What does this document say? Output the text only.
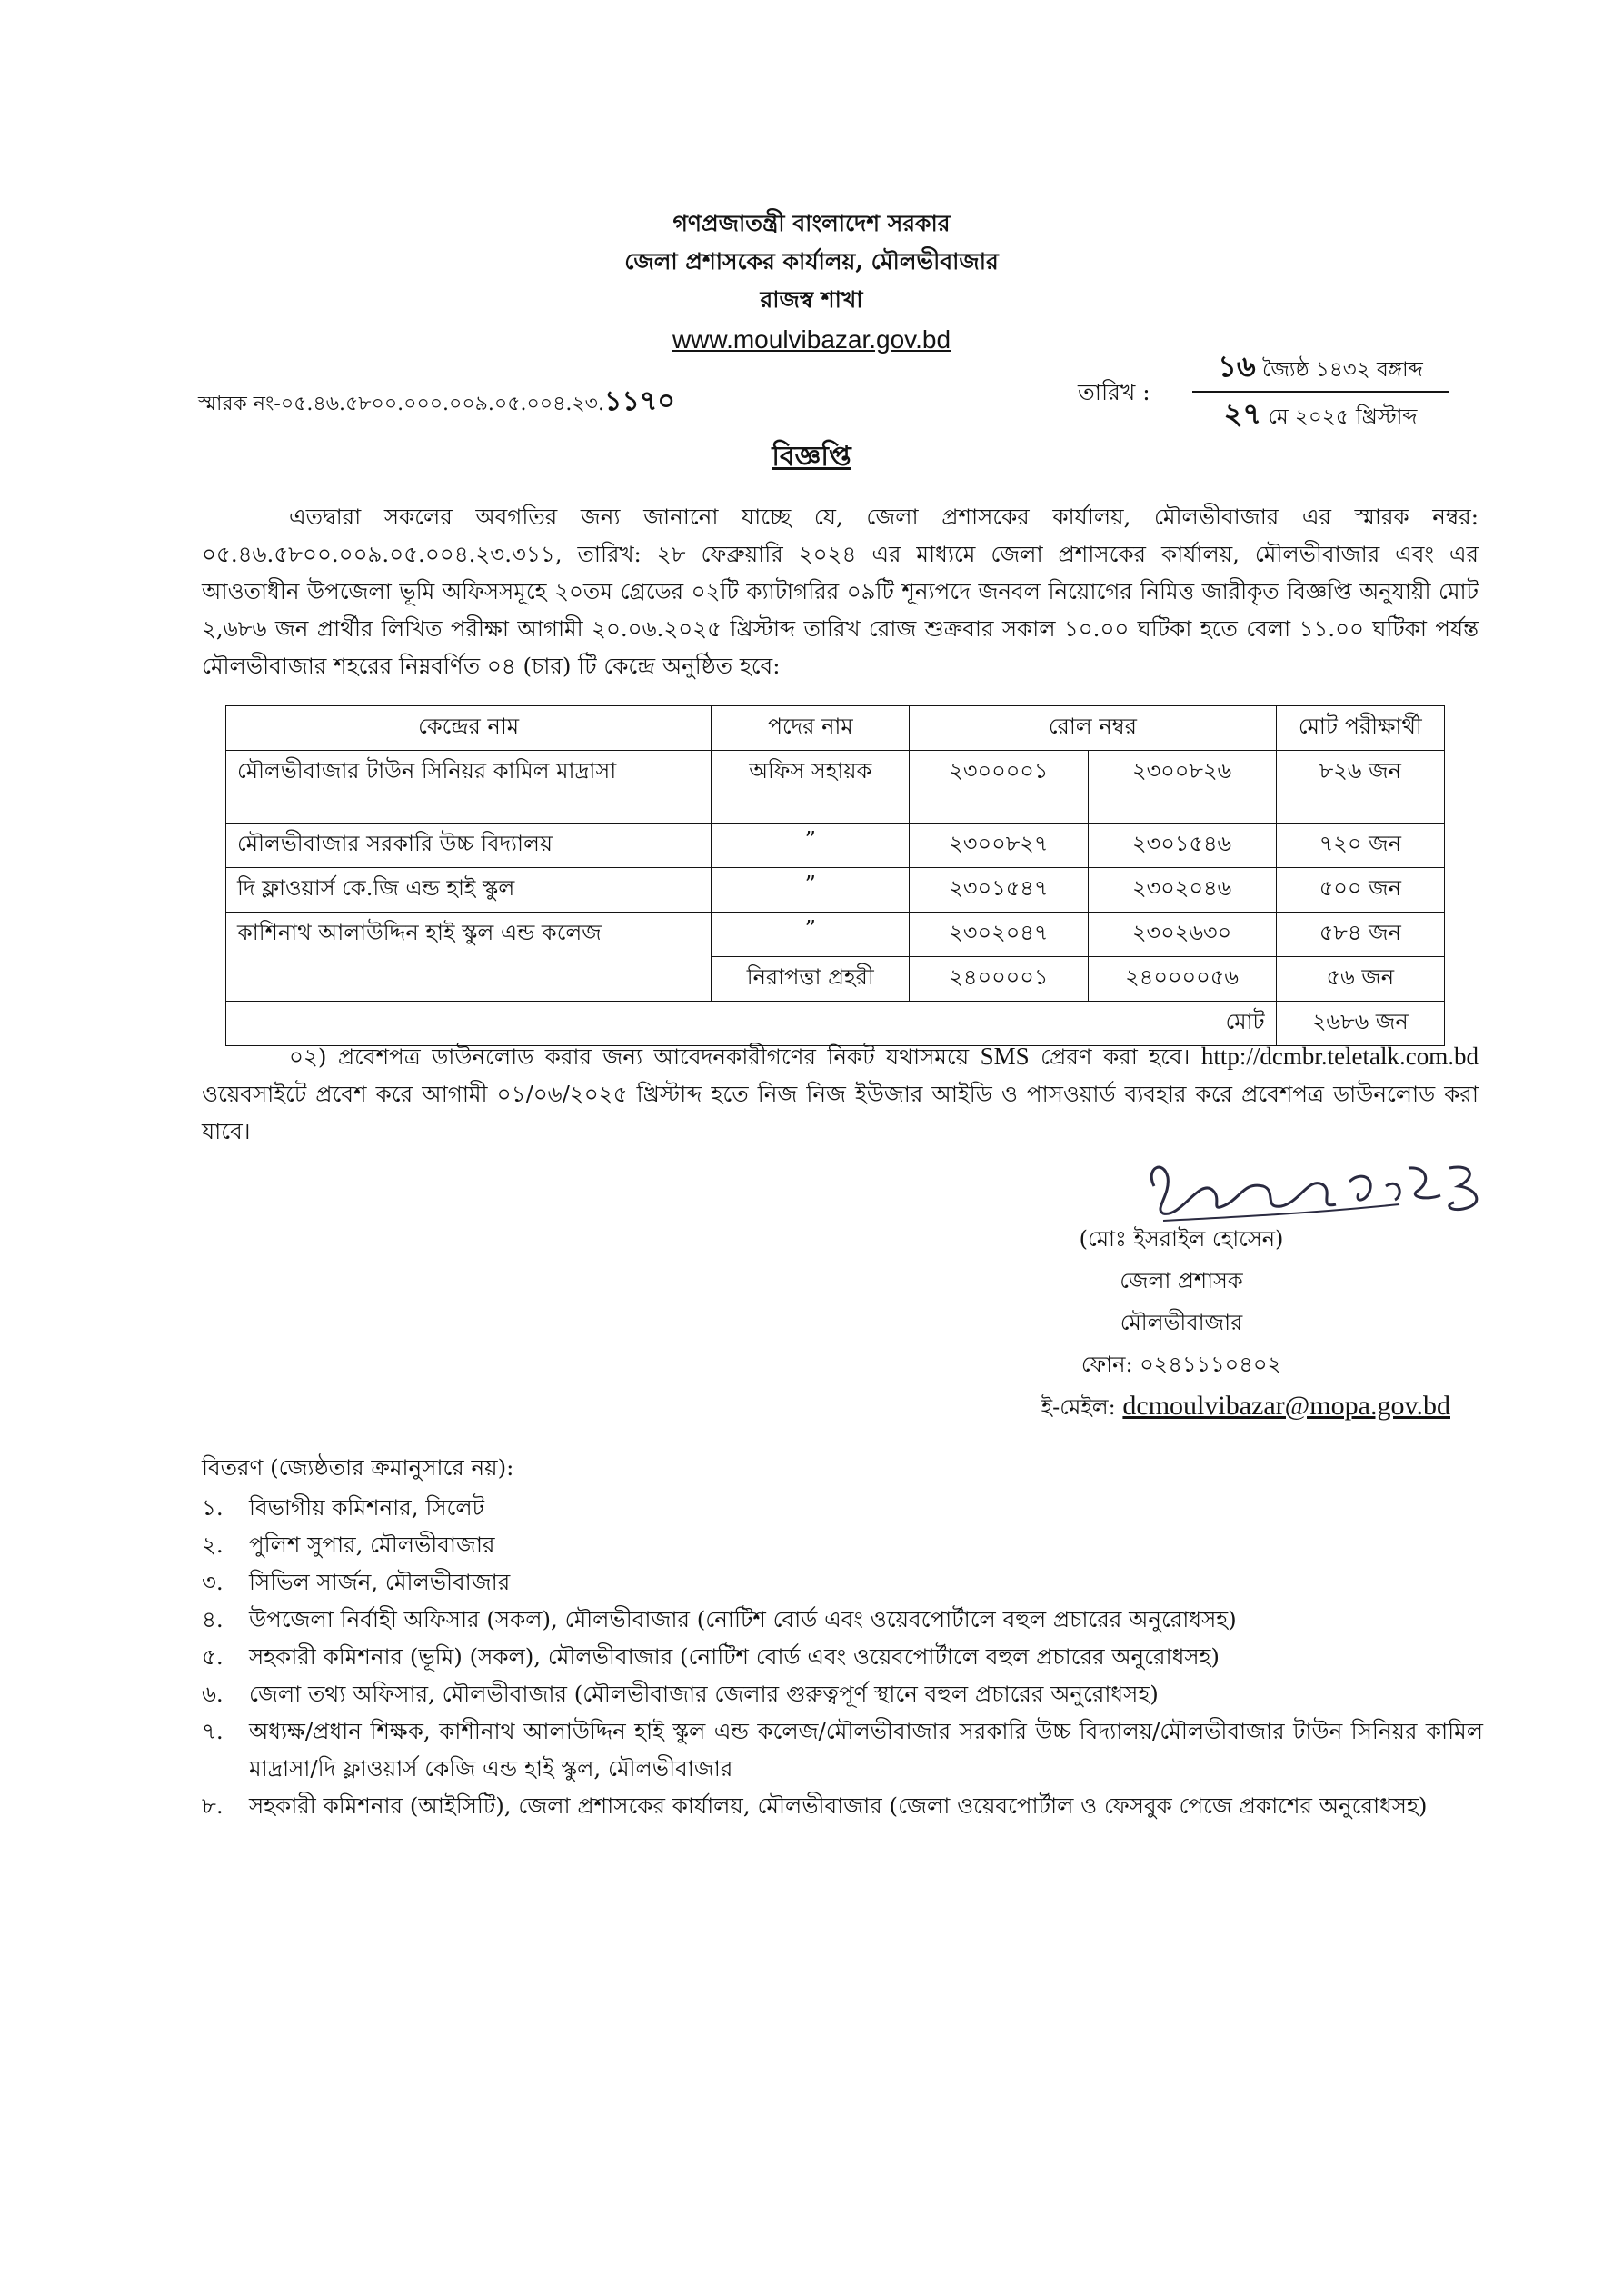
গণপ্রজাতন্ত্রী বাংলাদেশ সরকার
জেলা প্রশাসকের কার্যালয়, মৌলভীবাজার
রাজস্ব শাখা
www.moulvibazar.gov.bd
স্মারক নং-০৫.৪৬.৫৮০০.০০০.০০৯.০৫.০০৪.২৩.১১৭০	তারিখ :
১৬ জ্যৈষ্ঠ ১৪৩২ বঙ্গাব্দ
২৭ মে ২০২৫ খ্রিস্টাব্দ
বিজ্ঞপ্তি
এতদ্বারা সকলের অবগতির জন্য জানানো যাচ্ছে যে, জেলা প্রশাসকের কার্যালয়, মৌলভীবাজার এর স্মারক নম্বর: ০৫.৪৬.৫৮০০.০০৯.০৫.০০৪.২৩.৩১১, তারিখ: ২৮ ফেব্রুয়ারি ২০২৪ এর মাধ্যমে জেলা প্রশাসকের কার্যালয়, মৌলভীবাজার এবং এর আওতাধীন উপজেলা ভূমি অফিসসমূহে ২০তম গ্রেডের ০২টি ক্যাটাগরির ০৯টি শূন্যপদে জনবল নিয়োগের নিমিত্ত জারীকৃত বিজ্ঞপ্তি অনুযায়ী মোট ২,৬৮৬ জন প্রার্থীর লিখিত পরীক্ষা আগামী ২০.০৬.২০২৫ খ্রিস্টাব্দ তারিখ রোজ শুক্রবার সকাল ১০.০০ ঘটিকা হতে বেলা ১১.০০ ঘটিকা পর্যন্ত মৌলভীবাজার শহরের নিম্নবর্ণিত ০৪ (চার) টি কেন্দ্রে অনুষ্ঠিত হবে:
কেন্দ্রের নাম	পদের নাম	রোল নম্বর		মোট পরীক্ষার্থী
মৌলভীবাজার টাউন সিনিয়র কামিল মাদ্রাসা	অফিস সহায়ক	২৩০০০০১	২৩০০৮২৬	৮২৬ জন
মৌলভীবাজার সরকারি উচ্চ বিদ্যালয়	”	২৩০০৮২৭	২৩০১৫৪৬	৭২০ জন
দি ফ্লাওয়ার্স কে.জি এন্ড হাই স্কুল	”	২৩০১৫৪৭	২৩০২০৪৬	৫০০ জন
কাশিনাথ আলাউদ্দিন হাই স্কুল এন্ড কলেজ	”	২৩০২০৪৭	২৩০২৬৩০	৫৮৪ জন
	নিরাপত্তা প্রহরী	২৪০০০০১	২৪০০০০৫৬	৫৬ জন
মোট				২৬৮৬ জন
০২) প্রবেশপত্র ডাউনলোড করার জন্য আবেদনকারীগণের নিকট যথাসময়ে SMS প্রেরণ করা হবে। http://dcmbr.teletalk.com.bd ওয়েবসাইটে প্রবেশ করে আগামী ০১/০৬/২০২৫ খ্রিস্টাব্দ হতে নিজ নিজ ইউজার আইডি ও পাসওয়ার্ড ব্যবহার করে প্রবেশপত্র ডাউনলোড করা যাবে।
(মোঃ ইসরাইল হোসেন)
জেলা প্রশাসক
মৌলভীবাজার
ফোন: ০২৪১১১০৪০২
ই-মেইল: dcmoulvibazar@mopa.gov.bd
বিতরণ (জ্যেষ্ঠতার ক্রমানুসারে নয়):
১.	বিভাগীয় কমিশনার, সিলেট
২.	পুলিশ সুপার, মৌলভীবাজার
৩.	সিভিল সার্জন, মৌলভীবাজার
৪.	উপজেলা নির্বাহী অফিসার (সকল), মৌলভীবাজার (নোটিশ বোর্ড এবং ওয়েবপোর্টালে বহুল প্রচারের অনুরোধসহ)
৫.	সহকারী কমিশনার (ভূমি) (সকল), মৌলভীবাজার (নোটিশ বোর্ড এবং ওয়েবপোর্টালে বহুল প্রচারের অনুরোধসহ)
৬.	জেলা তথ্য অফিসার, মৌলভীবাজার (মৌলভীবাজার জেলার গুরুত্বপূর্ণ স্থানে বহুল প্রচারের অনুরোধসহ)
৭.	অধ্যক্ষ/প্রধান শিক্ষক, কাশীনাথ আলাউদ্দিন হাই স্কুল এন্ড কলেজ/মৌলভীবাজার সরকারি উচ্চ বিদ্যালয়/মৌলভীবাজার টাউন সিনিয়র কামিল মাদ্রাসা/দি ফ্লাওয়ার্স কেজি এন্ড হাই স্কুল, মৌলভীবাজার
৮.	সহকারী কমিশনার (আইসিটি), জেলা প্রশাসকের কার্যালয়, মৌলভীবাজার (জেলা ওয়েবপোর্টাল ও ফেসবুক পেজে প্রকাশের অনুরোধসহ)
